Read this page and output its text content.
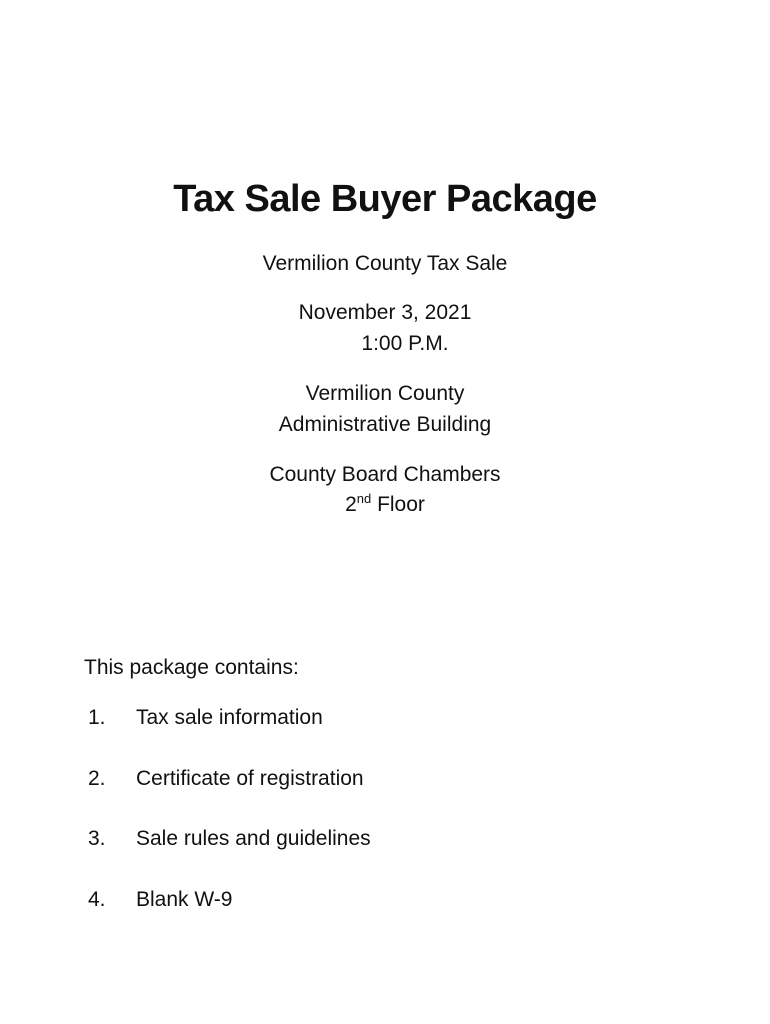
Tax Sale Buyer Package
Vermilion County Tax Sale
November 3, 2021
1:00 P.M.
Vermilion County
Administrative Building
County Board Chambers
2nd Floor
This package contains:
1. Tax sale information
2. Certificate of registration
3. Sale rules and guidelines
4. Blank W-9
